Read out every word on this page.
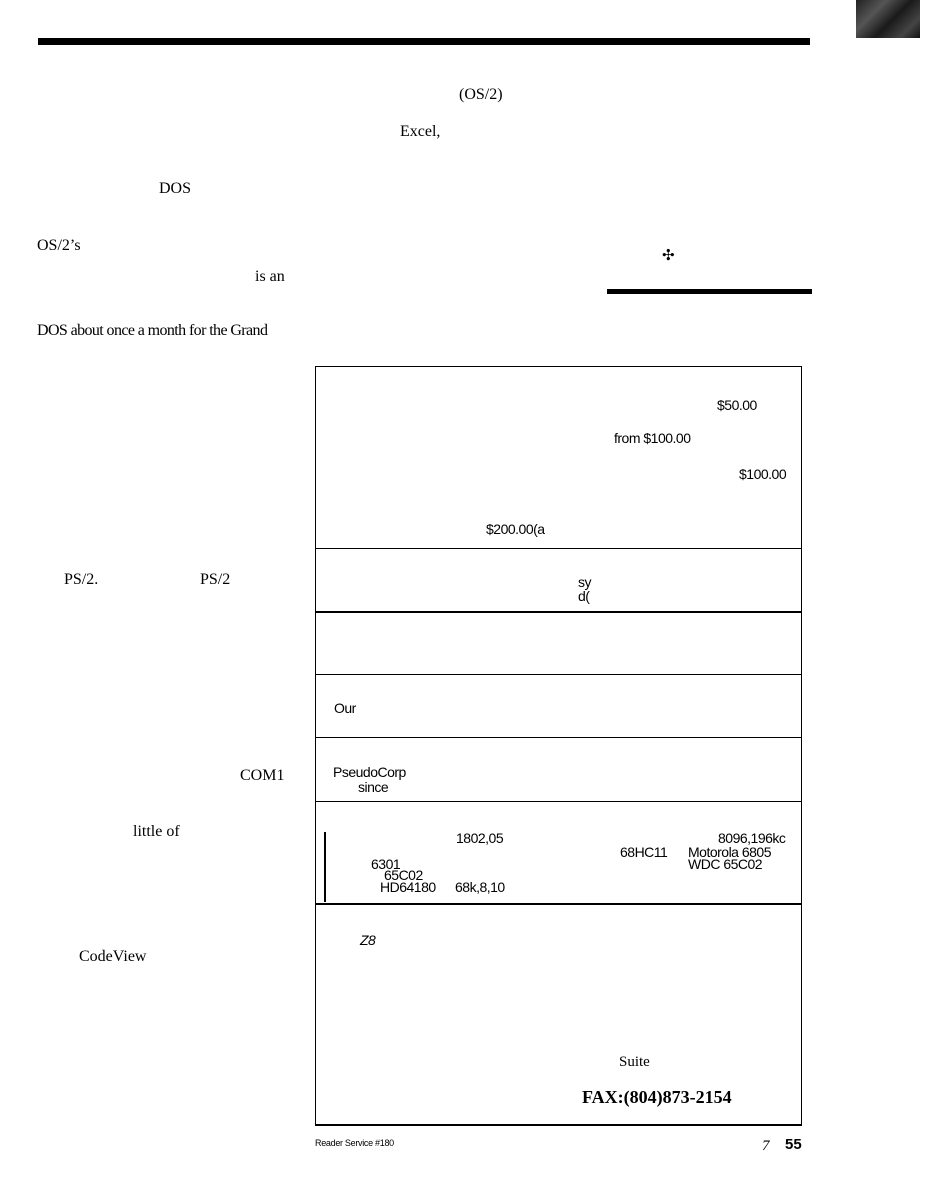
(OS/2)
Excel,
DOS
OS/2’s
is an
DOS about once a month for the Grand
PS/2.	PS/2
COM1
little of
CodeView
✣
$50.00
from $100.00
$100.00
$200.00(a
sy
d(
Our
PseudoCorp
since
1802,05	8096,196kc
68HC11 Motorola 6805
6301	WDC 65C02
65C02
HD64180 68k,8,10
Z8
Suite
FAX:(804)873-2154
Reader Service #180	7 55
